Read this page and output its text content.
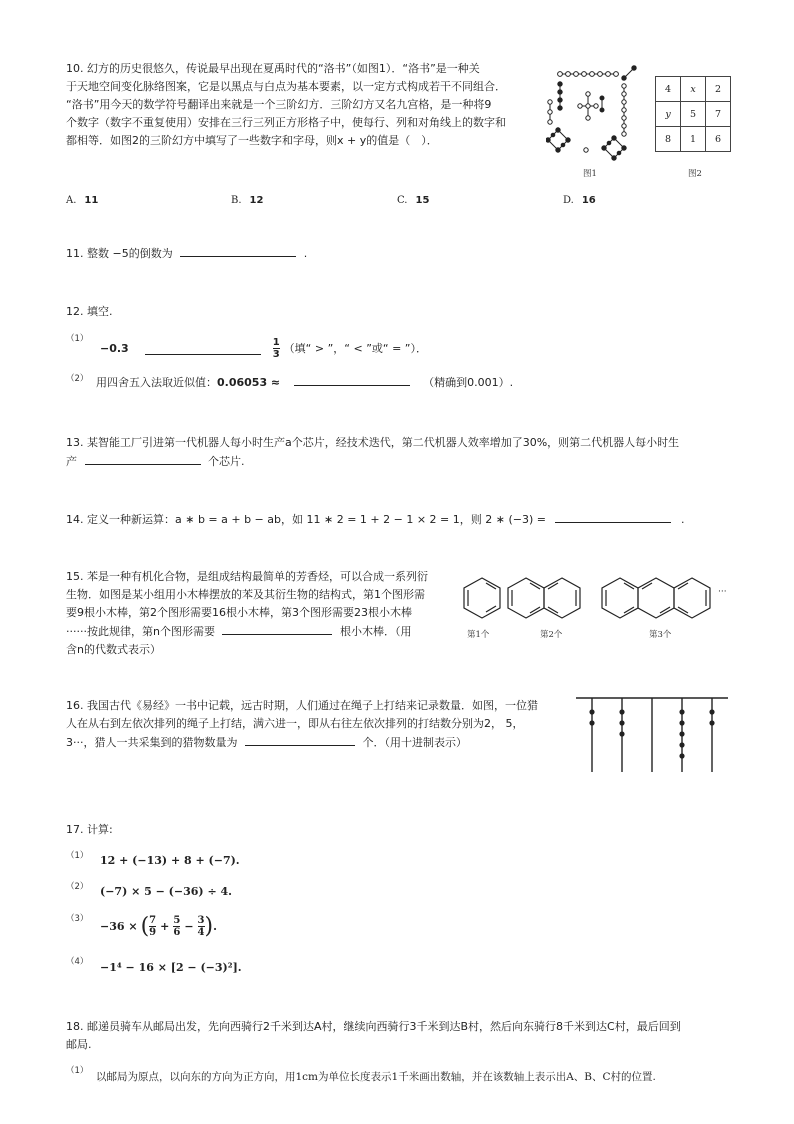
10. 幻方的历史很悠久，传说最早出现在夏禹时代的“洛书”（如图1）．“洛书”是一种关
于天地空间变化脉络图案，它是以黑点与白点为基本要素，以一定方式构成若干不同组合．
“洛书”用今天的数学符号翻译出来就是一个三阶幻方．三阶幻方又名九宫格，是一种将9
个数字（数字不重复使用）安排在三行三列正方形格子中，使每行、列和对角线上的数字和
都相等．如图2的三阶幻方中填写了一些数字和字母，则x + y的值是（　）．
图1
4	x	2
y	5	7
8	1	6
图2
A. 11	B. 12	C. 15	D. 16
11. 整数 −5的倒数为	.
12. 填空.
（1）
−0.3	$\frac{1}{3}$ （填“ > ”，“ < ”或“ = ”）．
（2） 用四舍五入法取近似值：0.06053 ≈	（精确到0.001）.
13. 某智能工厂引进第一代机器人每小时生产a个芯片，经技术迭代，第二代机器人效率增加了30%，则第二代机器人每小时生
产	个芯片.
14. 定义一种新运算：a ∗ b = a + b − ab，如 11 ∗ 2 = 1 + 2 − 1 × 2 = 1，则 2 ∗ (−3) =	.
15. 苯是一种有机化合物，是组成结构最简单的芳香烃，可以合成一系列衍
生物．如图是某小组用小木棒摆放的苯及其衍生物的结构式，第1个图形需
要9根小木棒，第2个图形需要16根小木棒，第3个图形需要23根小木棒
······按此规律，第n个图形需要	根小木棒．（用
含n的代数式表示）
···
第1个	第2个	第3个
16. 我国古代《易经》一书中记载，远古时期，人们通过在绳子上打结来记录数量．如图，一位猎
人在从右到左依次排列的绳子上打结，满六进一，即从右往左依次排列的打结数分别为2， 5，
3···，猎人一共采集到的猎物数量为	个．（用十进制表示）
17. 计算:
（1） 12 + (−13) + 8 + (−7).
（2） (−7) × 5 − (−36) ÷ 4.
（3）
−36 × ( $\frac{7}{9} + \frac{5}{6} - \frac{3}{4}$ ) .
（4） −1⁴ − 16 × [2 − (−3)²].
18. 邮递员骑车从邮局出发，先向西骑行2千米到达A村，继续向西骑行3千米到达B村，然后向东骑行8千米到达C村，最后回到
邮局.
（1） 以邮局为原点，以向东的方向为正方向，用1cm为单位长度表示1千米画出数轴，并在该数轴上表示出A、B、C村的位置.
